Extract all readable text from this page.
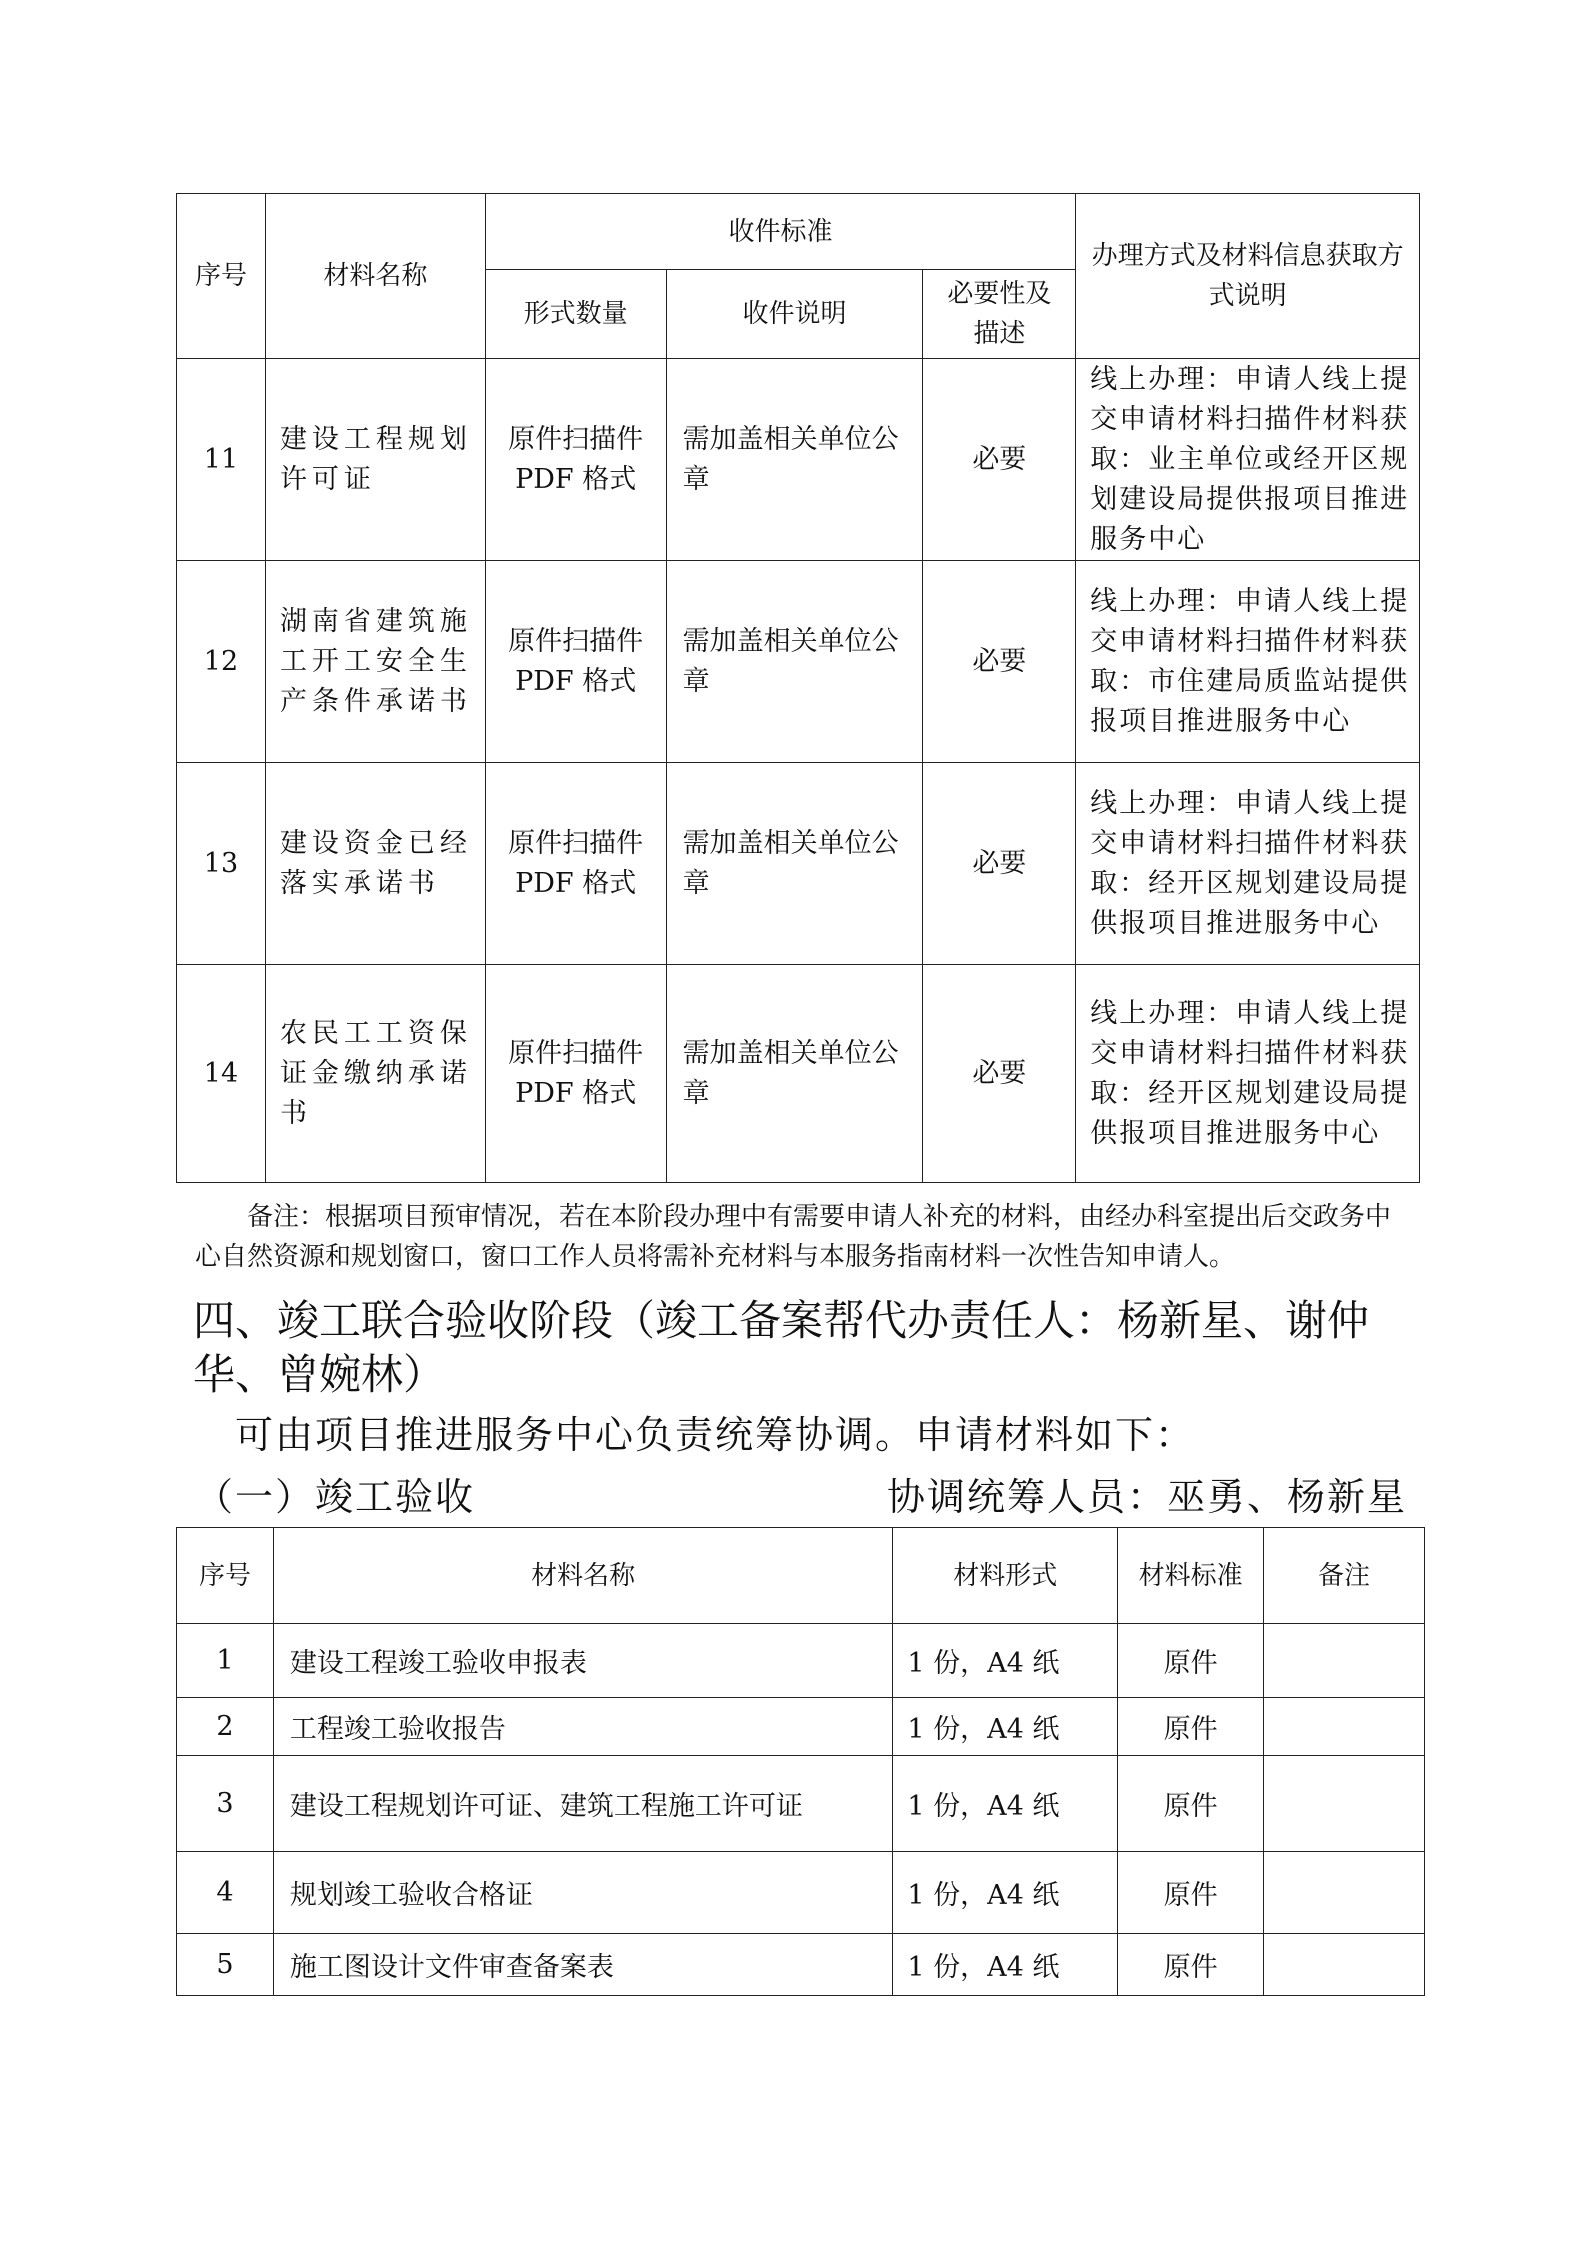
序号	材料名称	收件标准			办理方式及材料信息获取方式说明
		形式数量	收件说明	必要性及描述	
11	建设工程规划许可证	原件扫描件PDF 格式	需加盖相关单位公章	必要	线上办理：申请人线上提交申请材料扫描件材料获取：业主单位或经开区规划建设局提供报项目推进服务中心
12	湖南省建筑施工开工安全生产条件承诺书	原件扫描件PDF 格式	需加盖相关单位公章	必要	线上办理：申请人线上提交申请材料扫描件材料获取：市住建局质监站提供报项目推进服务中心
13	建设资金已经落实承诺书	原件扫描件PDF 格式	需加盖相关单位公章	必要	线上办理：申请人线上提交申请材料扫描件材料获取：经开区规划建设局提供报项目推进服务中心
14	农民工工资保证金缴纳承诺书	原件扫描件PDF 格式	需加盖相关单位公章	必要	线上办理：申请人线上提交申请材料扫描件材料获取：经开区规划建设局提供报项目推进服务中心
备注：根据项目预审情况，若在本阶段办理中有需要申请人补充的材料，由经办科室提出后交政务中心自然资源和规划窗口，窗口工作人员将需补充材料与本服务指南材料一次性告知申请人。
四、竣工联合验收阶段（竣工备案帮代办责任人：杨新星、谢仲华、曾婉林）
可由项目推进服务中心负责统筹协调。申请材料如下：
（一）竣工验收	协调统筹人员：巫勇、杨新星
序号	材料名称	材料形式	材料标准	备注
1	建设工程竣工验收申报表	1 份，A4 纸	原件	
2	工程竣工验收报告	1 份，A4 纸	原件	
3	建设工程规划许可证、建筑工程施工许可证	1 份，A4 纸	原件	
4	规划竣工验收合格证	1 份，A4 纸	原件	
5	施工图设计文件审查备案表	1 份，A4 纸	原件	
